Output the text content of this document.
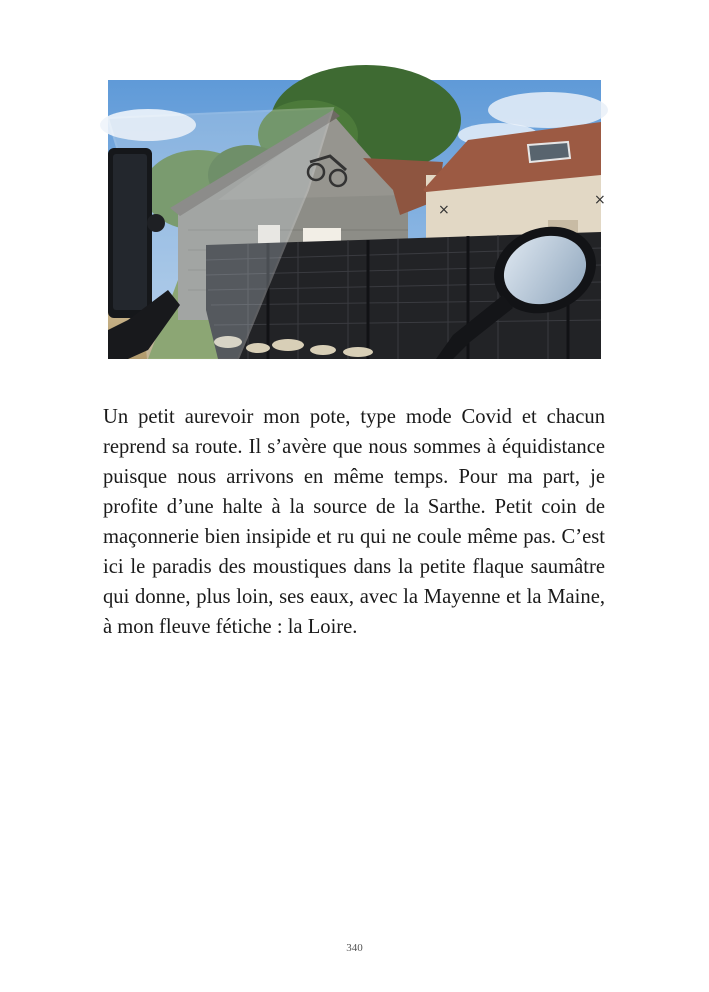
×
×

Un petit aurevoir mon pote, type mode Covid et chacun reprend sa route. Il s’avère que nous sommes à équidistance puisque nous arrivons en même temps. Pour ma part, je profite d’une halte à la source de la Sarthe. Petit coin de maçonnerie bien insipide et ru qui ne coule même pas. C’est ici le paradis des moustiques dans la petite flaque saumâtre qui donne, plus loin, ses eaux, avec la Mayenne et la Maine, à mon fleuve fétiche : la Loire.

340
